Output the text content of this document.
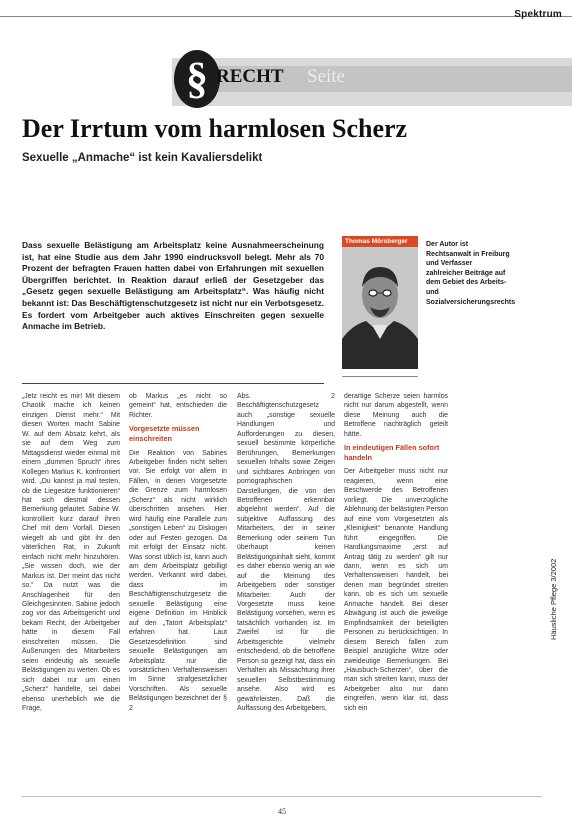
Spektrum
§ RECHT Seite
Der Irrtum vom harmlosen Scherz
Sexuelle „Anmache“ ist kein Kavaliersdelikt

Dass sexuelle Belästigung am Arbeitsplatz keine Ausnahmeerscheinung ist, hat eine Studie aus dem Jahr 1990 eindrucksvoll belegt. Mehr als 70 Prozent der befragten Frauen hatten dabei von Erfahrungen mit sexuellen Übergriffen berichtet. In Reaktion darauf erließ der Gesetzgeber das „Gesetz gegen sexuelle Belästigung am Arbeitsplatz“. Was häufig nicht bekannt ist: Das Beschäftigtenschutzgesetz ist nicht nur ein Verbotsgesetz. Es fordert vom Arbeitgeber auch aktives Einschreiten gegen sexuelle Anmache im Betrieb.

Thomas Mörsberger	Der Autor ist Rechtsanwalt in Freiburg und Verfasser zahlreicher Beiträge auf dem Gebiet des Arbeits- und Sozialversicherungsrechts

„Jetz reicht es mir! Mit diesem Chaotik mache ich keinen einzigen Dienst mehr.“ Mit diesen Worten macht Sabine W. auf dem Absatz kehrt, als sie auf dem Weg zum Mittagsdienst wieder einmal mit einem „dummen Spruch“ ihres Kollegen Markus K. konfrontiert wird. „Du kannst ja mal testen, ob die Liegesitze funktionieren“ hat sich diesmal dessen Bemerkung gelautet. Sabine W. kontrolliert kurz darauf ihren Chef mit dem Vorfall. Diesen wiegelt ab und gibt ihr den väterlichen Rat, in Zukunft einfach nicht mehr hinzuhören. „Sie wissen doch, wie der Markus ist. Der meint das nicht so.“ Da nutzt was die Anschlagenheit für den Gleichgesinnten. Sabine jedoch zog vor das Arbeitsgericht und bekam Recht, der Arbeitgeber hätte in diesem Fall einschreiten müssen. Die Äußerungen des Mitarbeiters seien eindeutig als sexuelle Belästigungen zu werten. Ob es sich dabei nur um einen „Scherz“ handelte, sei dabei ebenso unerheblich wie die Frage,

ob Markus „es nicht so gemeint“ hat, entschieden die Richter.

Vorgesetzte müssen einschreiten

Die Reaktion von Sabines Arbeitgeber finden nicht selten vor. Sie erfolgt vor allem in Fällen, in denen Vorgesetzte die Grenze zum harmlosen „Scherz“ als nicht wirklich überschritten ansehen. Hier wird häufig eine Parallele zum „sonstigen Leben“ zu Diskogen oder auf Festen gezogen. Da mit erfolgt der Einsatz nicht. Was sonst üblich ist, kann auch am dem Arbeitsplatz gebilligt werden. Verkannt wird dabei, dass im Beschäftigtenschutzgesetz die sexuelle Belästigung eine eigene Definition im Hinblick auf den „Tatort Arbeitsplatz“ erfahren hat. Laut Gesetzesdefinition sind sexuelle Belästigungen am Arbeitsplatz nur die vorsätzlichen Verhaltensweisen im Sinne strafgesetzlicher Vorschriften. Als sexuelle Belästigungen bezeichnet der § 2

Abs. 2 Beschäftigtenschutzgesetz auch „sonstige sexuelle Handlungen und Aufforderungen zu diesen, sexuell bestimmte körperliche Berührungen, Bemerkungen sexuellen Inhalts sowie Zeigen und sichtbares Anbringen von pornographischen Darstellungen, die von den Betroffenen erkennbar abgelehnt werden“. Auf die subjektive Auffassung des Mitarbeiters, der in seiner Bemerkung oder seinem Tun überhaupt keinen Belästigungsinhalt sieht, kommt es daher ebenso wenig an wie auf die Meinung des Arbeitgebers oder sonstiger Mitarbeiter. Auch der Vorgesetzte muss keine Belästigung vorsehen, wenn es tatsächlich vorhanden ist. Im Zweifel ist für die Arbeitsgerichte vielmehr entscheidend, ob die betroffene Person so gezeigt hat, dass ein Verhalten als Missachtung ihrer sexuellen Selbstbestimmung ansehe. Also wird es gewährleisten. Daß die Auffassung des Arbeitgebers,

derartige Scherze seien harmlos nicht nur darum abgestellt, wenn diese Meinung auch die Betroffene nachträglich geteilt hätte.

In eindeutigen Fällen sofort handeln

Der Arbeitgeber muss nicht nur reagieren, wenn eine Beschwerde des Betroffenen vorliegt. Die unverzügliche Ablehnung der belästigten Person auf eine vom Vorgesetzten als „Kleinigkeit“ benannte Handlung führt eingegriffen. Die Handlungsmaxime „erst auf Antrag tätig zu werden“ gilt nur dann, wenn es sich um Verhaltensweisen handelt, bei denen man begründet streiten kann, ob es sich um sexuelle Anmache handelt. Bei dieser Abwägung ist auch die jeweilige Empfindsamkeit der beteiligten Personen zu berücksichtigen. In diesem Bereich fallen zum Beispiel anzügliche Witze oder zweideutige Bemerkungen. Bei „Hausbuch-Scherzen“, über die man sich streiten kann, muss der Arbeitgeber also nur dann eingreifen, wenn klar ist, dass sich ein

Häusliche Pflege 3/2002
45
